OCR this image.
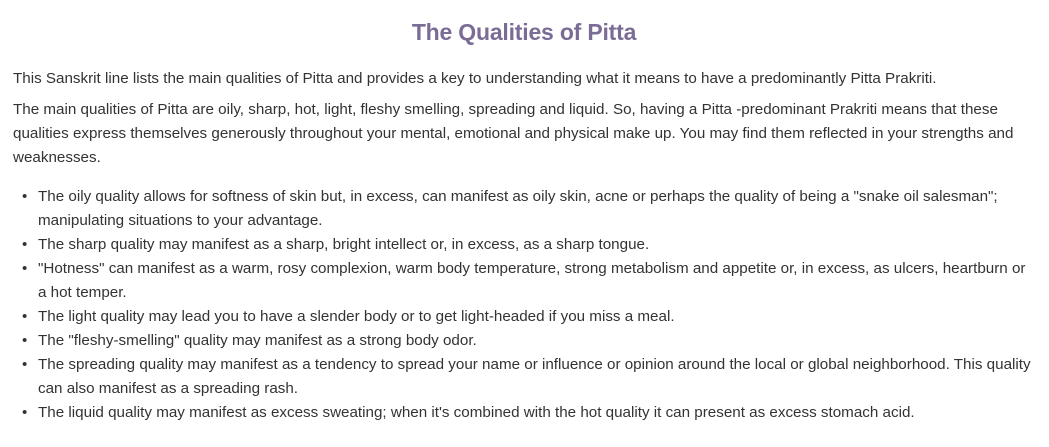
The Qualities of Pitta

This Sanskrit line lists the main qualities of Pitta and provides a key to understanding what it means to have a predominantly Pitta Prakriti.

The main qualities of Pitta are oily, sharp, hot, light, fleshy smelling, spreading and liquid. So, having a Pitta -predominant Prakriti means that these qualities express themselves generously throughout your mental, emotional and physical make up. You may find them reflected in your strengths and weaknesses.

• The oily quality allows for softness of skin but, in excess, can manifest as oily skin, acne or perhaps the quality of being a "snake oil salesman"; manipulating situations to your advantage.
• The sharp quality may manifest as a sharp, bright intellect or, in excess, as a sharp tongue.
• "Hotness" can manifest as a warm, rosy complexion, warm body temperature, strong metabolism and appetite or, in excess, as ulcers, heartburn or a hot temper.
• The light quality may lead you to have a slender body or to get light-headed if you miss a meal.
• The "fleshy-smelling" quality may manifest as a strong body odor.
• The spreading quality may manifest as a tendency to spread your name or influence or opinion around the local or global neighborhood. This quality can also manifest as a spreading rash.
• The liquid quality may manifest as excess sweating; when it's combined with the hot quality it can present as excess stomach acid.
